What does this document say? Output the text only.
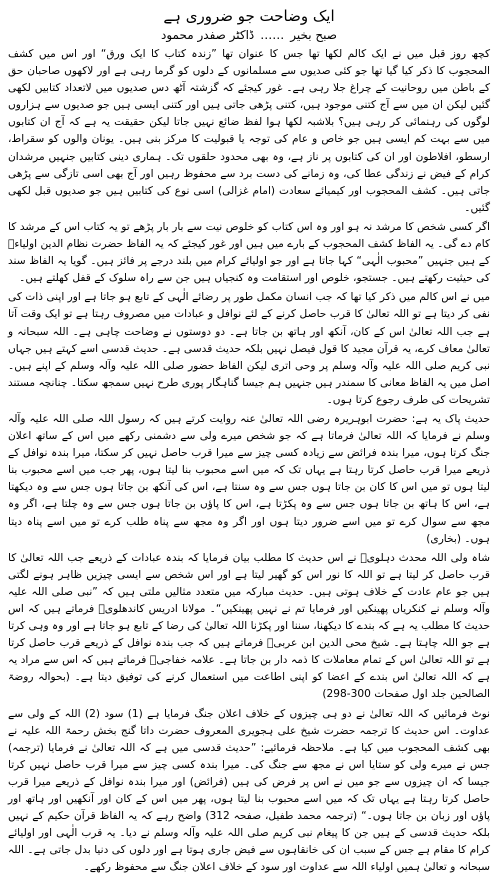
ایک وضاحت جو ضروری ہے
صبح بخیر……ڈاکٹر صفدر محمود

کچھ روز قبل میں نے ایک کالم لکھا تھا جس کا عنوان تھا ”زندہ کتاب کا ایک ورق“ اور اس میں کشف المحجوب کا ذکر کیا گیا تھا جو کئی صدیوں سے مسلمانوں کے دلوں کو گرما رہی ہے اور لاکھوں صاحبان حق کے باطن میں روحانیت کے چراغ جلا رہی ہے۔ غور کیجئے کہ گزشتہ آٹھ دس صدیوں میں لاتعداد کتابیں لکھی گئیں لیکن ان میں سے آج کتنی موجود ہیں، کتنی پڑھی جاتی ہیں اور کتنی ایسی ہیں جو صدیوں سے ہزاروں لوگوں کی رہنمائی کر رہی ہیں؟ بلاشبہ لکھا ہوا لفظ ضائع نہیں جاتا لیکن حقیقت یہ ہے کہ آج ان کتابوں میں سے بہت کم ایسی ہیں جو خاص و عام کی توجہ یا قبولیت کا مرکز بنی ہیں۔ یونان والوں کو سقراط، ارسطو، افلاطون اور ان کی کتابوں پر ناز ہے، وہ بھی محدود حلقوں تک۔ ہماری دینی کتابیں جنہیں مرشدان کرام کے فیض نے زندگی عطا کی، وہ زمانے کی دست برد سے محفوظ رہیں اور آج بھی اسی تازگی سے پڑھی جاتی ہیں۔ کشف المحجوب اور کیمیائے سعادت (امام غزالی) اسی نوع کی کتابیں ہیں جو صدیوں قبل لکھی گئیں۔

اگر کسی شخص کا مرشد نہ ہو اور وہ اس کتاب کو خلوص نیت سے بار بار پڑھے تو یہ کتاب اس کے مرشد کا کام دے گی۔ یہ الفاظ کشف المحجوب کے بارے میں ہیں اور غور کیجئے کہ یہ الفاظ حضرت نظام الدین اولیاءؒ کے ہیں جنہیں ”محبوب الٰہی“ کہا جاتا ہے اور جو اولیائے کرام میں بلند درجے پر فائز ہیں۔ گویا یہ الفاظ سند کی حیثیت رکھتے ہیں۔ جستجو، خلوص اور استقامت وہ کنجیاں ہیں جن سے راہ سلوک کے قفل کھلتے ہیں۔

میں نے اس کالم میں ذکر کیا تھا کہ جب انسان مکمل طور پر رضائے الٰہی کے تابع ہو جاتا ہے اور اپنی ذات کی نفی کر دیتا ہے تو اللہ تعالیٰ کا قرب حاصل کرنے کے لئے نوافل و عبادات میں مصروف رہتا ہے تو ایک وقت آتا ہے جب اللہ تعالیٰ اس کے کان، آنکھ اور ہاتھ بن جاتا ہے۔ دو دوستوں نے وضاحت چاہی ہے۔ اللہ سبحانہ و تعالیٰ معاف کرے، یہ قرآن مجید کا قول فیصل نہیں بلکہ حدیث قدسی ہے۔ حدیث قدسی اسے کہتے ہیں جہاں نبی کریم صلی اللہ علیہ وآلہ وسلم پر وحی اتری لیکن الفاظ حضور صلی اللہ علیہ وآلہ وسلم کے اپنے ہیں۔ اصل میں یہ الفاظ معانی کا سمندر ہیں جنہیں ہم جیسا گناہگار پوری طرح نہیں سمجھ سکتا۔ چنانچہ مستند تشریحات کی طرف رجوع کرتا ہوں۔

حدیث پاک یہ ہے: حضرت ابوہریرہ رضی اللہ تعالیٰ عنہ روایت کرتے ہیں کہ رسول اللہ صلی اللہ علیہ وآلہ وسلم نے فرمایا کہ اللہ تعالیٰ فرماتا ہے کہ جو شخص میرے ولی سے دشمنی رکھے میں اس کے ساتھ اعلان جنگ کرتا ہوں، میرا بندہ فرائض سے زیادہ کسی چیز سے میرا قرب حاصل نہیں کر سکتا، میرا بندہ نوافل کے ذریعے میرا قرب حاصل کرتا رہتا ہے یہاں تک کہ میں اسے محبوب بنا لیتا ہوں، پھر جب میں اسے محبوب بنا لیتا ہوں تو میں اس کا کان بن جاتا ہوں جس سے وہ سنتا ہے، اس کی آنکھ بن جاتا ہوں جس سے وہ دیکھتا ہے، اس کا ہاتھ بن جاتا ہوں جس سے وہ پکڑتا ہے، اس کا پاؤں بن جاتا ہوں جس سے وہ چلتا ہے، اگر وہ مجھ سے سوال کرے تو میں اسے ضرور دیتا ہوں اور اگر وہ مجھ سے پناہ طلب کرے تو میں اسے پناہ دیتا ہوں۔ (بخاری)

شاہ ولی اللہ محدث دہلویؒ نے اس حدیث کا مطلب بیان فرمایا کہ بندہ عبادات کے ذریعے جب اللہ تعالیٰ کا قرب حاصل کر لیتا ہے تو اللہ کا نور اس کو گھیر لیتا ہے اور اس شخص سے ایسی چیزیں ظاہر ہونے لگتی ہیں جو عام عادت کے خلاف ہوتی ہیں۔ حدیث مبارکہ میں متعدد مثالیں ملتی ہیں کہ ”نبی صلی اللہ علیہ وآلہ وسلم نے کنکریاں پھینکیں اور فرمایا تم نے نہیں پھینکیں“۔ مولانا ادریس کاندھلویؒ فرماتے ہیں کہ اس حدیث کا مطلب یہ ہے کہ بندے کا دیکھنا، سننا اور پکڑنا اللہ تعالیٰ کی رضا کے تابع ہو جاتا ہے اور وہ وہی کرتا ہے جو اللہ چاہتا ہے۔ شیخ محی الدین ابن عربیؒ فرماتے ہیں کہ جب بندہ نوافل کے ذریعے قرب حاصل کرتا ہے تو اللہ تعالیٰ اس کے تمام معاملات کا ذمہ دار بن جاتا ہے۔ علامہ خفاجیؒ فرماتے ہیں کہ اس سے مراد یہ ہے کہ اللہ تعالیٰ اس بندے کے اعضا کو اپنی اطاعت میں استعمال کرنے کی توفیق دیتا ہے۔ (بحوالہ روضۃ الصالحین جلد اول صفحات 300-298)

نوٹ فرمائیں کہ اللہ تعالیٰ نے دو ہی چیزوں کے خلاف اعلان جنگ فرمایا ہے (1) سود (2) اللہ کے ولی سے عداوت۔ اس حدیث کا ترجمہ حضرت شیخ علی ہجویری المعروف حضرت داتا گنج بخش رحمۃ اللہ علیہ نے بھی کشف المحجوب میں کیا ہے۔ ملاحظہ فرمائیے: ”حدیث قدسی میں ہے کہ اللہ تعالیٰ نے فرمایا (ترجمہ) جس نے میرے ولی کو ستایا اس نے مجھ سے جنگ کی۔ میرا بندہ کسی چیز سے میرا قرب حاصل نہیں کرتا جیسا کہ ان چیزوں سے جو میں نے اس پر فرض کی ہیں (فرائض) اور میرا بندہ نوافل کے ذریعے میرا قرب حاصل کرتا رہتا ہے یہاں تک کہ میں اسے محبوب بنا لیتا ہوں، پھر میں اس کے کان اور آنکھیں اور ہاتھ اور پاؤں اور زبان بن جاتا ہوں۔“ (ترجمہ محمد طفیل، صفحہ 312) واضح رہے کہ یہ الفاظ قرآن حکیم کے نہیں بلکہ حدیث قدسی کے ہیں جن کا پیغام نبی کریم صلی اللہ علیہ وآلہ وسلم نے دیا۔ یہ قرب الٰہی اور اولیائے کرام کا مقام ہے جس کے سبب ان کی خانقاہوں سے فیض جاری ہوتا ہے اور دلوں کی دنیا بدل جاتی ہے۔ اللہ سبحانہ و تعالیٰ ہمیں اولیاء اللہ سے عداوت اور سود کے خلاف اعلان جنگ سے محفوظ رکھے۔
